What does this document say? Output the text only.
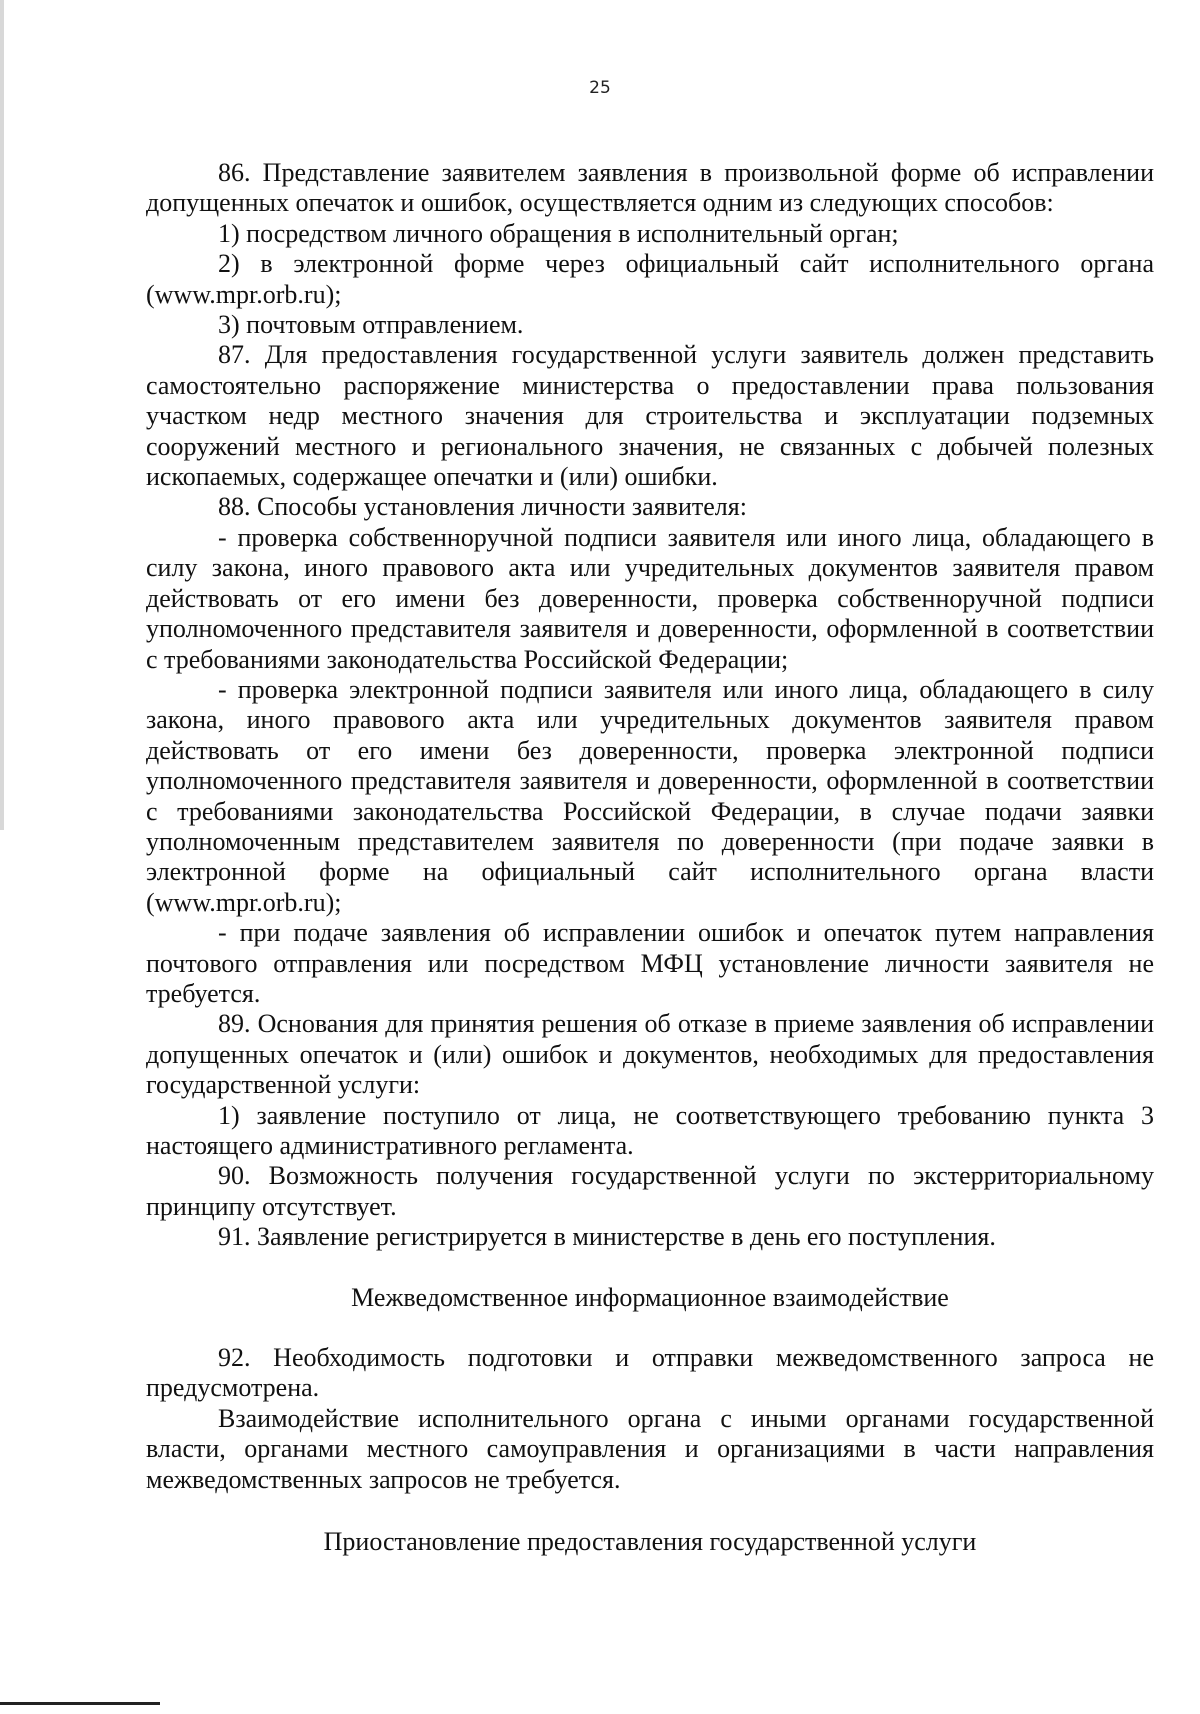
25

86. Представление заявителем заявления в произвольной форме об исправлении допущенных опечаток и ошибок, осуществляется одним из следующих способов:

1) посредством личного обращения в исполнительный орган;

2) в электронной форме через официальный сайт исполнительного органа (www.mpr.orb.ru);

3) почтовым отправлением.

87. Для предоставления государственной услуги заявитель должен представить самостоятельно распоряжение министерства о предоставлении права пользования участком недр местного значения для строительства и эксплуатации подземных сооружений местного и регионального значения, не связанных с добычей полезных ископаемых, содержащее опечатки и (или) ошибки.

88. Способы установления личности заявителя:

- проверка собственноручной подписи заявителя или иного лица, обладающего в силу закона, иного правового акта или учредительных документов заявителя правом действовать от его имени без доверенности, проверка собственноручной подписи уполномоченного представителя заявителя и доверенности, оформленной в соответствии с требованиями законодательства Российской Федерации;

- проверка электронной подписи заявителя или иного лица, обладающего в силу закона, иного правового акта или учредительных документов заявителя правом действовать от его имени без доверенности, проверка электронной подписи уполномоченного представителя заявителя и доверенности, оформленной в соответствии с требованиями законодательства Российской Федерации, в случае подачи заявки уполномоченным представителем заявителя по доверенности (при подаче заявки в электронной форме на официальный сайт исполнительного органа власти (www.mpr.orb.ru);

- при подаче заявления об исправлении ошибок и опечаток путем направления почтового отправления или посредством МФЦ установление личности заявителя не требуется.

89. Основания для принятия решения об отказе в приеме заявления об исправлении допущенных опечаток и (или) ошибок и документов, необходимых для предоставления государственной услуги:

1) заявление поступило от лица, не соответствующего требованию пункта 3 настоящего административного регламента.

90. Возможность получения государственной услуги по экстерриториальному принципу отсутствует.

91. Заявление регистрируется в министерстве в день его поступления.

Межведомственное информационное взаимодействие

92. Необходимость подготовки и отправки межведомственного запроса не предусмотрена.

Взаимодействие исполнительного органа с иными органами государственной власти, органами местного самоуправления и организациями в части направления межведомственных запросов не требуется.

Приостановление предоставления государственной услуги
